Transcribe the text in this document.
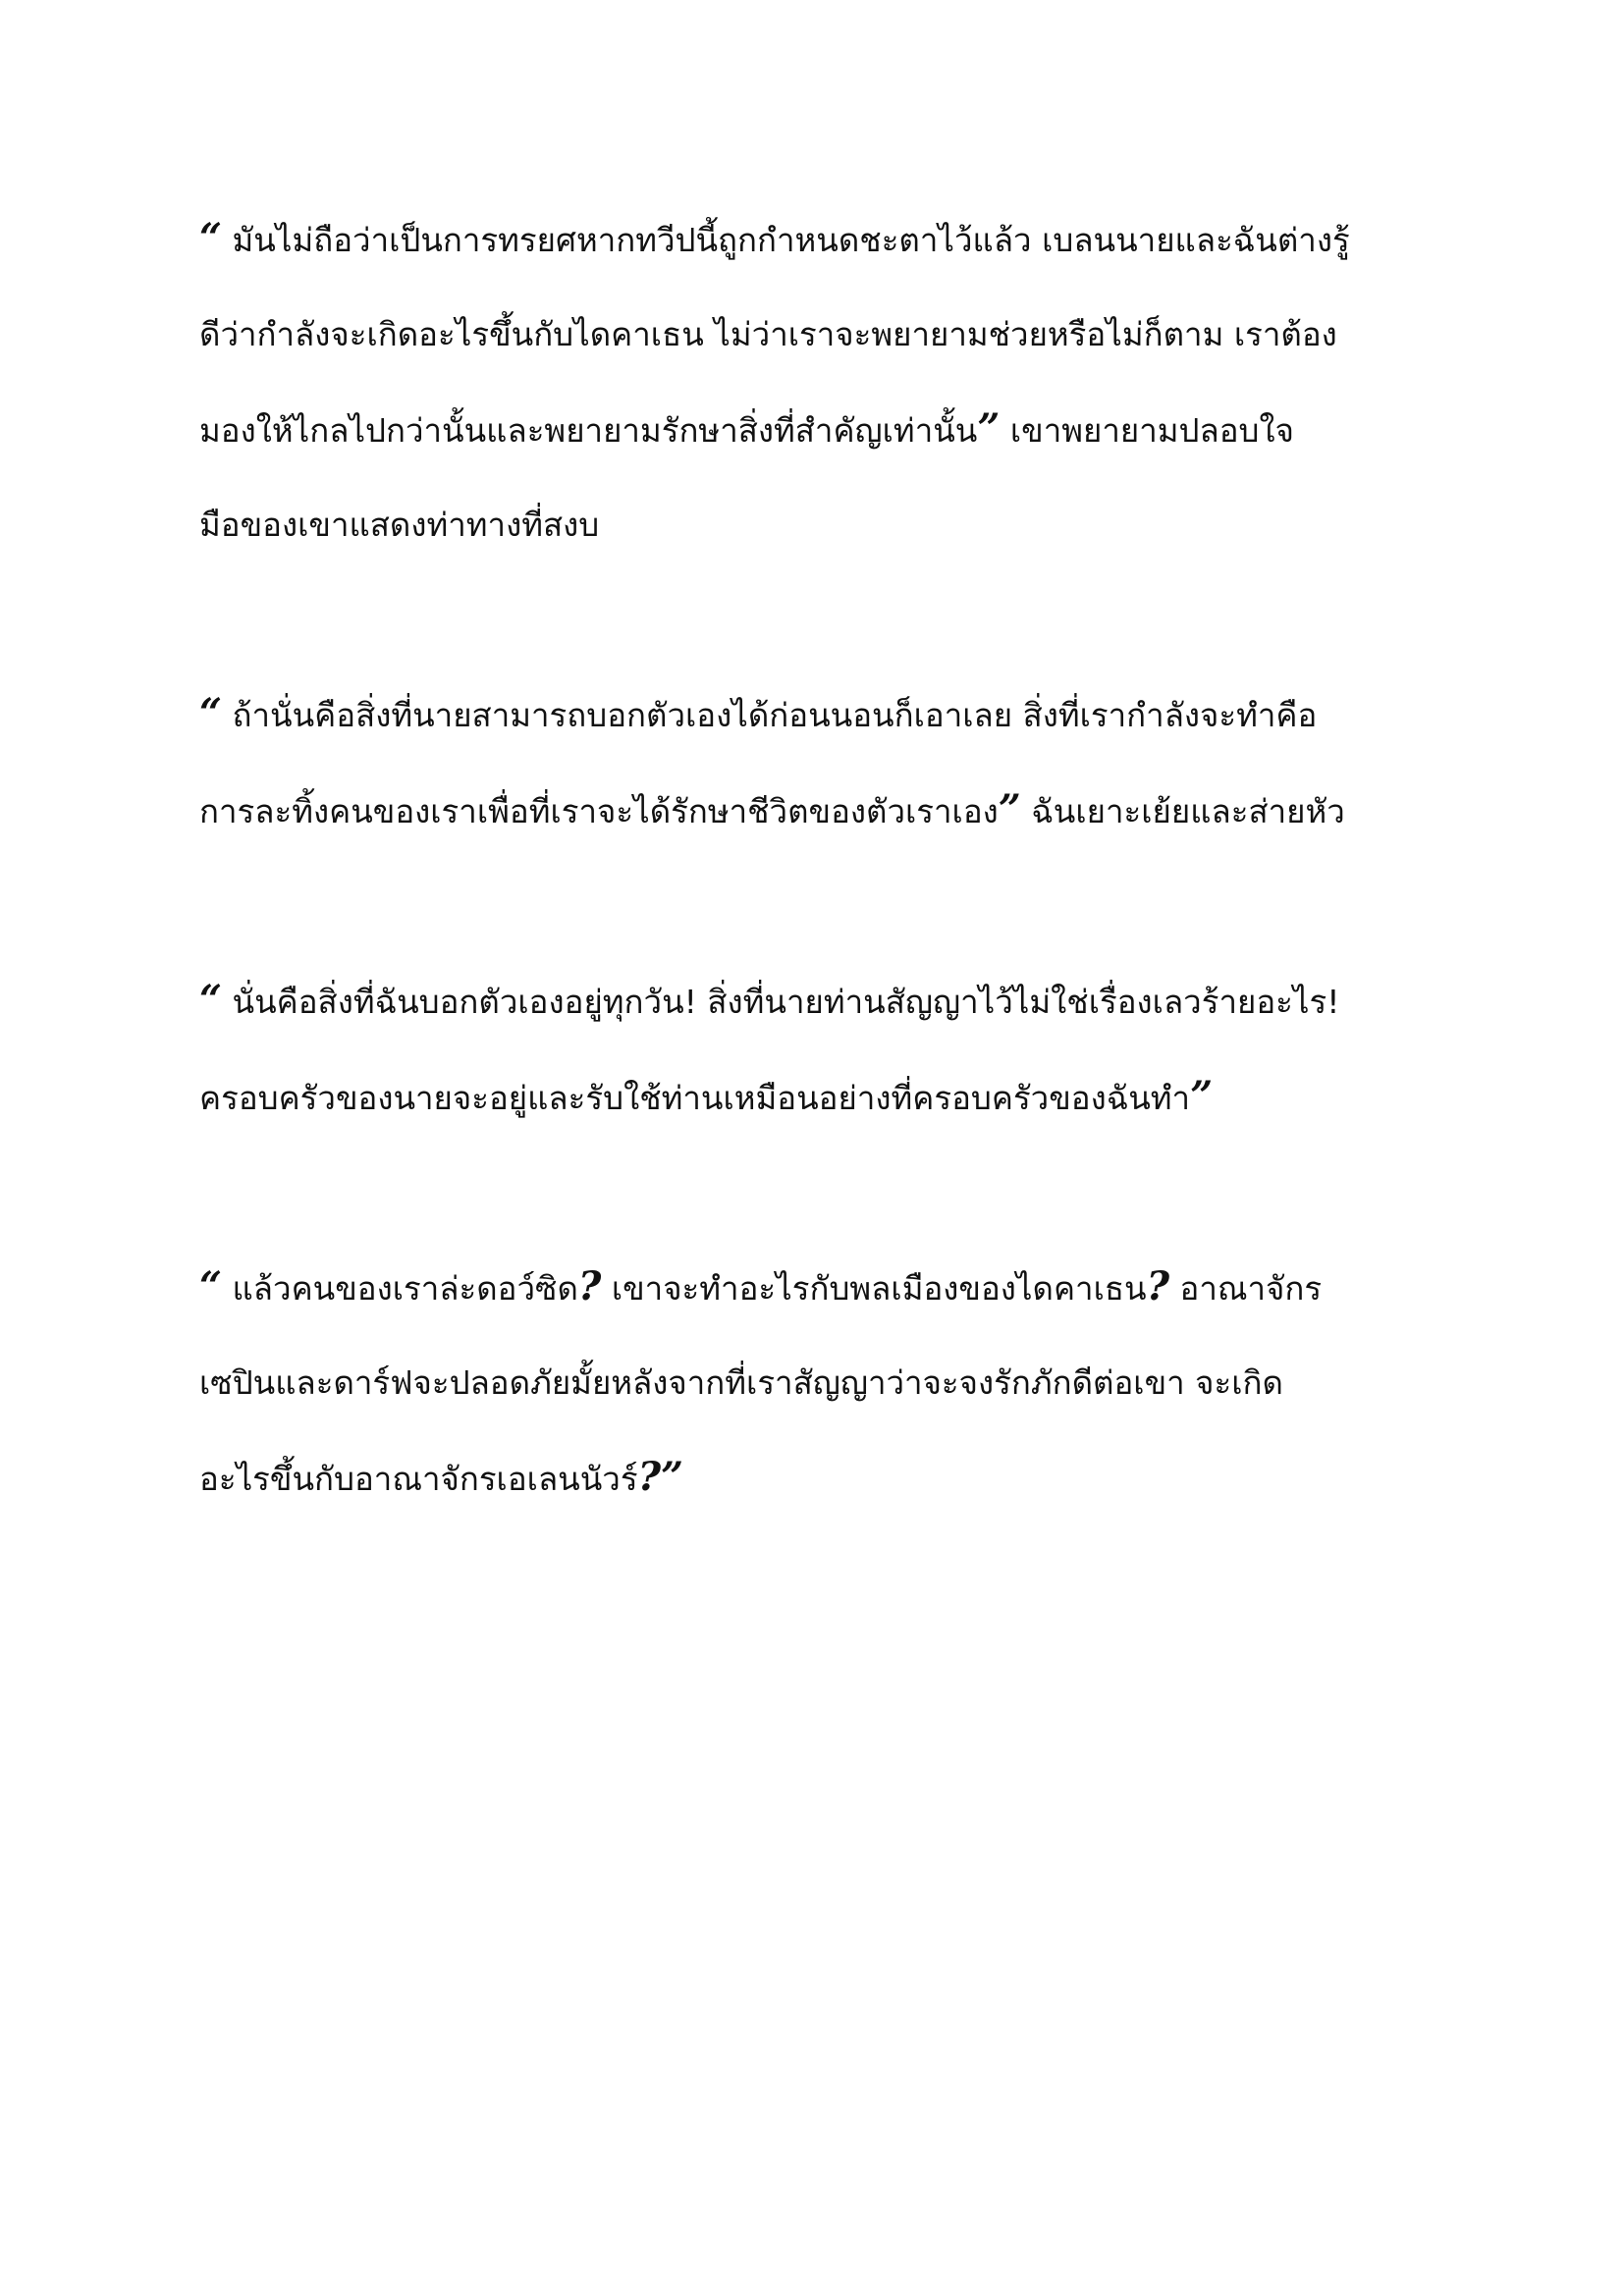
“ มนไมถอวาเปนการทรยศหากทวปนถกกหนดชะตาไวแลว เบลนนายและฉนตางร
ดวากลงจะเกดอะไรขนกบไดคาเธน ไมวาเราจะพยายามชวยหรอไมกตาม เราตอง
มองใหไกลไปกวานนและพยายามรกษาสงทสคญเทานน” เขาพยายามปลอบใจ
มอของเขาแสดงทาทางทสงบ

“ ถานนคอสงทนายสามารถบอกตวเองไดกอนนอนกเอาเลย สงทเรากลงจะทคอ
การละทงคนของเราเพอทเราจะไดรกษาชวตของตวเราเอง” ฉนเยาะเยยและสายหว

“ นนคอสงทฉนบอกตวเองอยทกวน! สงทนายทานสญญาไวไมใชเรองเลวรายอะไร!
ครอบครวของนายจะอยและรบใชทานเหมอนอยางทครอบครวของฉนท”

“ แลวคนของเราละดอวซด? เขาจะทอะไรกบพลเมองของไดคาเธน? อาณาจกร
เซปนและดารฟจะปลอดภยมยหลงจากทเราสญญาวาจะจงรกภกดตอเขา จะเกด
อะไรขนกบอาณาจกรเอเลนนวร?”
